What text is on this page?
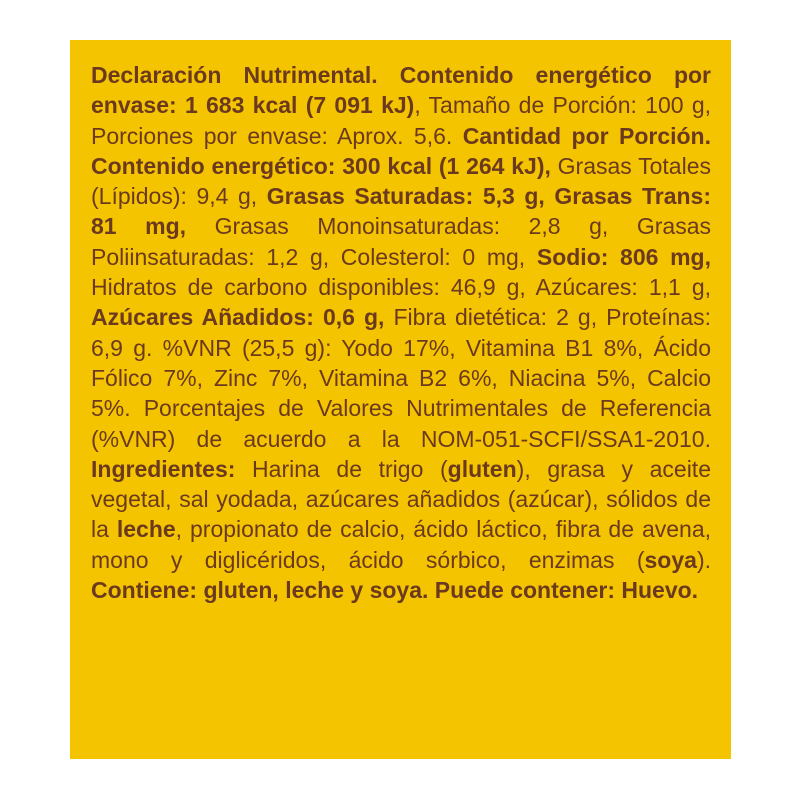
Declaración Nutrimental. Contenido energético por envase: 1 683 kcal (7 091 kJ), Tamaño de Porción: 100 g, Porciones por envase: Aprox. 5,6. Cantidad por Porción. Contenido energético: 300 kcal (1 264 kJ), Grasas Totales (Lípidos): 9,4 g, Grasas Saturadas: 5,3 g, Grasas Trans: 81 mg, Grasas Monoinsaturadas: 2,8 g, Grasas Poliinsaturadas: 1,2 g, Colesterol: 0 mg, Sodio: 806 mg, Hidratos de carbono disponibles: 46,9 g, Azúcares: 1,1 g, Azúcares Añadidos: 0,6 g, Fibra dietética: 2 g, Proteínas: 6,9 g. %VNR (25,5 g): Yodo 17%, Vitamina B1 8%, Ácido Fólico 7%, Zinc 7%, Vitamina B2 6%, Niacina 5%, Calcio 5%. Porcentajes de Valores Nutrimentales de Referencia (%VNR) de acuerdo a la NOM-051-SCFI/SSA1-2010. Ingredientes: Harina de trigo (gluten), grasa y aceite vegetal, sal yodada, azúcares añadidos (azúcar), sólidos de la leche, propionato de calcio, ácido láctico, fibra de avena, mono y diglicéridos, ácido sórbico, enzimas (soya). Contiene: gluten, leche y soya. Puede contener: Huevo.
